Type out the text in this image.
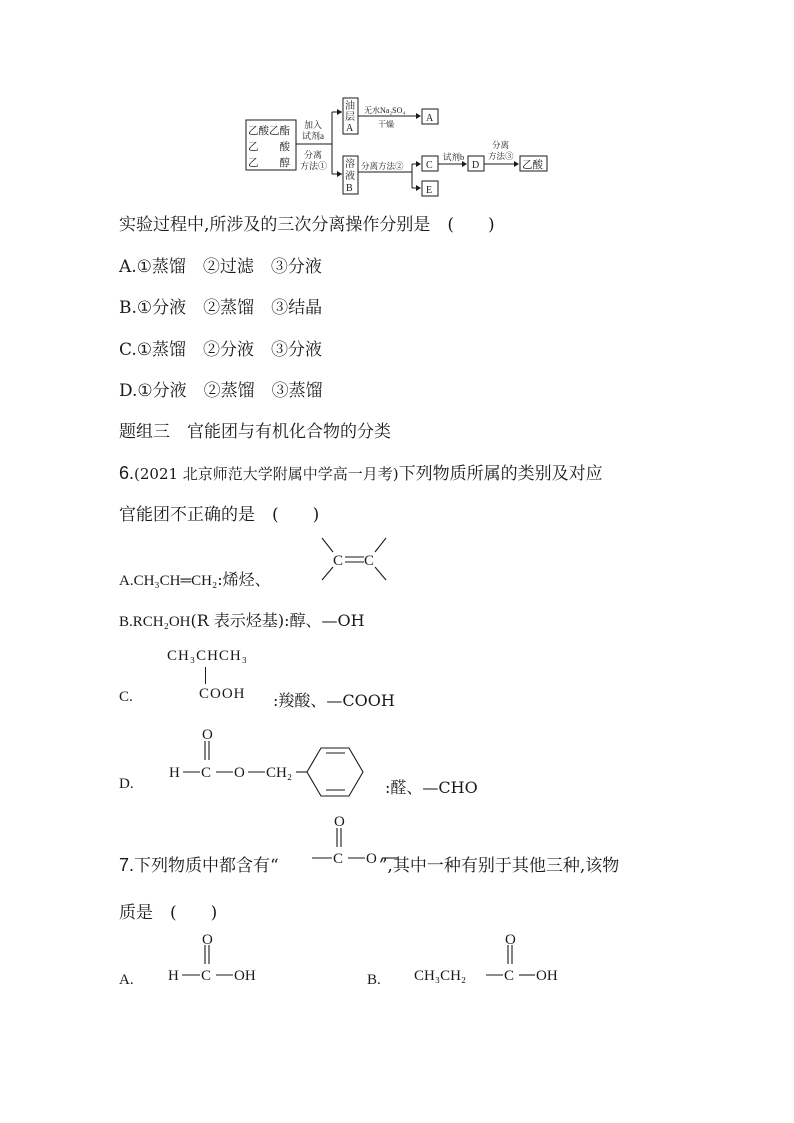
乙酸乙酯
乙　　酸
乙　　醇
加入
试剂a
分离
方法①
油
层
A
无水Na₂SO₄
干燥
A
溶
液
B
分离方法② C
E
试剂b
D
分离
方法③
乙酸
实验过程中,所涉及的三次分离操作分别是　(　　)
A.①蒸馏　②过滤　③分液
B.①分液　②蒸馏　③结晶
C.①蒸馏　②分液　③分液
D.①分液　②蒸馏　③蒸馏
题组三　官能团与有机化合物的分类
6.(2021 北京师范大学附属中学高一月考)下列物质所属的类别及对应
官能团不正确的是　(　　)
A.CH₃CH═CH₂:烯烃、
C C
B.RCH₂OH(R 表示烃基):醇、—OH
C.
CH₃CHCH₃
COOH :羧酸、—COOH
D.
H C
O
O CH₂
:醛、—CHO
7.下列物质中都含有“	”,其中一种有别于其他三种,该物
O
C O
质是　(　　)
A. H C
O
OH	B. CH₃CH₂	C
O
OH
